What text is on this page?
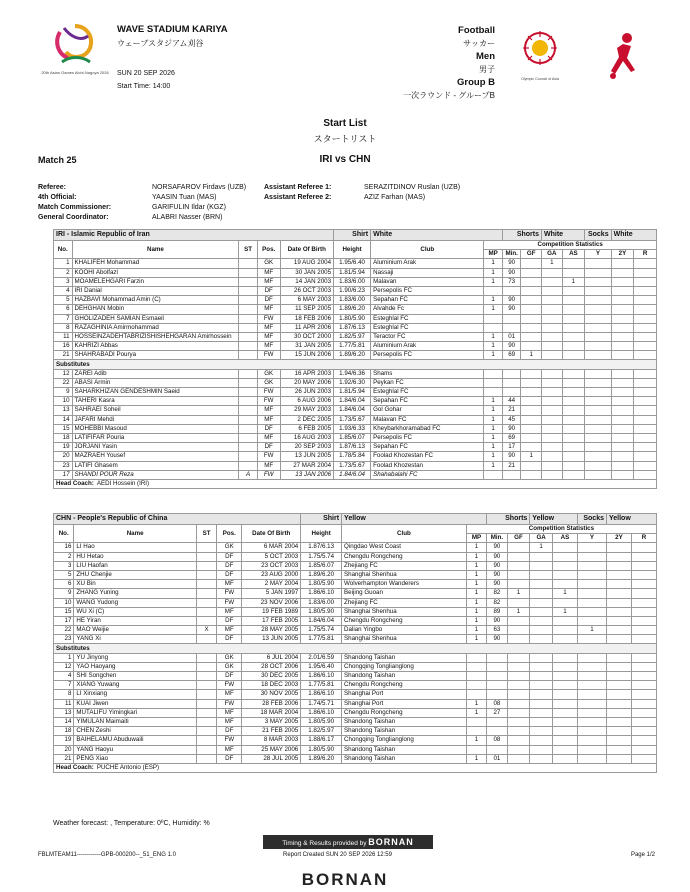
20th Asian Games Aichi-Nagoya 2026
WAVE STADIUM KARIYA
ウェーブスタジアム刈谷
SUN 20 SEP 2026
Start Time: 14:00
Football
サッカー
Men
男子
Group B
一次ラウンド - グループB
Olympic Council of Asia
Start List
スタートリスト
Match 25	IRI vs CHN
Referee:	NORSAFAROV Firdavs (UZB)
4th Official:	YAASIN Tuan (MAS)
Match Commissioner:	GARIFULIN Ildar (KGZ)
General Coordinator:	ALABRI Nasser (BRN)
Assistant Referee 1:	SERAZITDINOV Ruslan (UZB)
Assistant Referee 2:	AZIZ Farhan (MAS)
IRI - Islamic Republic of Iran					Shirt	White		Shorts		White		Socks	White	
No.	Name	ST	Pos.	Date Of Birth	Height	Club	Competition Statistics							
							MP	Min.	GF	GA	AS	Y	2Y	R
1	KHALIFEH Mohammad		GK	19 AUG 2004	1.95/6.40	Aluminium Arak	1	90		1				
2	KOOHI Abolfazl		MF	30 JAN 2005	1.81/5.94	Nassaji	1	90						
3	MOAMELEHGARI Farzin		MF	14 JAN 2003	1.83/6.00	Malavan	1	73			1			
4	IRI Danial		DF	26 OCT 2003	1.90/6.23	Persepolis FC								
5	HAZBAVI Mohammad Amin (C)		DF	6 MAY 2003	1.83/6.00	Sepahan FC	1	90						
6	DEHGHAN Mobin		MF	11 SEP 2005	1.89/6.20	Alvahde Fc	1	90						
7	GHOLIZADEH SAMIAN Esmaeil		FW	18 FEB 2006	1.80/5.90	Esteghlal FC								
8	RAZAGHINIA Amirmohammad		MF	11 APR 2006	1.87/6.13	Esteghlal FC								
11	HOSSEINZADEHTABRIZISHISHEHGARAN Amirhossein		MF	30 OCT 2000	1.82/5.97	Teractor FC	1	01						
16	KAHRIZI Abbas		MF	31 JAN 2005	1.77/5.81	Aluminium Arak	1	90						
21	SHAHRABADI Pourya		FW	15 JUN 2006	1.89/6.20	Persepolis FC	1	69	1					
Substitutes														
12	ZAREI Adib		GK	16 APR 2003	1.94/6.36	Shams								
22	ABASI Armin		GK	20 MAY 2006	1.92/6.30	Peykan FC								
9	SAHARKHIZAN GENDESHMIN Saeid		FW	26 JUN 2003	1.81/5.94	Esteghlal FC								
10	TAHERI Kasra		FW	6 AUG 2006	1.84/6.04	Sepahan FC	1	44						
13	SAHRAEI Soheil		MF	29 MAY 2003	1.84/6.04	Gol Gohar	1	21						
14	JAFARI Mehdi		MF	2 DEC 2005	1.73/5.67	Malavan FC	1	45						
15	MOHEBBI Masoud		DF	6 FEB 2005	1.93/6.33	Kheybarkhoramabad FC	1	90						
18	LATIFIFAR Pouria		MF	16 AUG 2003	1.85/6.07	Persepolis FC	1	69						
19	JORJANI Yasin		DF	20 SEP 2003	1.87/6.13	Sepahan FC	1	17						
20	MAZRAEH Yousef		FW	13 JUN 2005	1.78/5.84	Foolad Khozestan FC	1	90	1					
23	LATIFI Ghasem		MF	27 MAR 2004	1.73/5.67	Foolad Khozestan	1	21						
17	SHANDI POUR Reza	A	FW	13 JAN 2006	1.84/6.04	Shahabalahi FC								
Head Coach: AEDI Hossein (IRI)														
CHN - People's Republic of China					Shirt	Yellow		Shorts		Yellow		Socks	Yellow	
No.	Name	ST	Pos.	Date Of Birth	Height	Club	Competition Statistics							
							MP	Min.	GF	GA	AS	Y	2Y	R
16	LI Hao		GK	6 MAR 2004	1.87/6.13	Qingdao West Coast	1	90		1				
2	HU Hetao		DF	5 OCT 2003	1.75/5.74	Chengdu Rongcheng	1	90						
3	LIU Haofan		DF	23 OCT 2003	1.85/6.07	Zhejiang FC	1	90						
5	ZHU Chenjie		DF	23 AUG 2000	1.89/6.20	Shanghai Shenhua	1	90						
6	XU Bin		MF	2 MAY 2004	1.80/5.90	Wolverhampton Wanderers	1	90						
9	ZHANG Yuning		FW	5 JAN 1997	1.86/6.10	Beijing Guoan	1	82	1		1			
10	WANG Yudong		FW	23 NOV 2006	1.83/6.00	Zhejiang FC	1	82						
15	WU Xi (C)		MF	19 FEB 1989	1.80/5.90	Shanghai Shenhua	1	89	1		1			
17	HE Yiran		DF	17 FEB 2005	1.84/6.04	Chengdu Rongcheng	1	90						
22	MAO Weijie	X	MF	28 MAY 2005	1.75/5.74	Dalian Yingbo	1	63				1		
23	YANG Xi		DF	13 JUN 2005	1.77/5.81	Shanghai Shenhua	1	90						
Substitutes														
1	YU Jinyong		GK	6 JUL 2004	2.01/6.59	Shandong Taishan								
12	YAO Haoyang		GK	28 OCT 2006	1.95/6.40	Chongqing Tonglianglong								
4	SHI Songchen		DF	30 DEC 2005	1.86/6.10	Shandong Taishan								
7	XIANG Yuwang		FW	18 DEC 2003	1.77/5.81	Chengdu Rongcheng								
8	LI Xinxiang		MF	30 NOV 2005	1.86/6.10	Shanghai Port								
11	KUAI Jiwen		FW	28 FEB 2006	1.74/5.71	Shanghai Port	1	08						
13	MUTALIFU Yimingkari		MF	18 MAR 2004	1.86/6.10	Chengdu Rongcheng	1	27						
14	YIMULAN Maimaiti		MF	3 MAY 2005	1.80/5.90	Shandong Taishan								
18	CHEN Zeshi		DF	21 FEB 2005	1.82/5.97	Shandong Taishan								
19	BAIHELAMU Abuduwaili		FW	8 MAR 2003	1.88/6.17	Chongqing Tonglianglong	1	08						
20	YANG Haoyu		MF	25 MAY 2006	1.80/5.90	Shandong Taishan								
21	PENG Xiao		DF	28 JUL 2005	1.89/6.20	Shandong Taishan	1	01						
Head Coach: PUCHE Antonio (ESP)														
Weather forecast: , Temperature: 0ºC, Humidity: %
Timing & Results provided by BORNAN
FBLMTEAM11------------GPB-000200--_51_ENG 1.0	Report Created SUN 20 SEP 2026 12:59	Page 1/2
BORNAN
